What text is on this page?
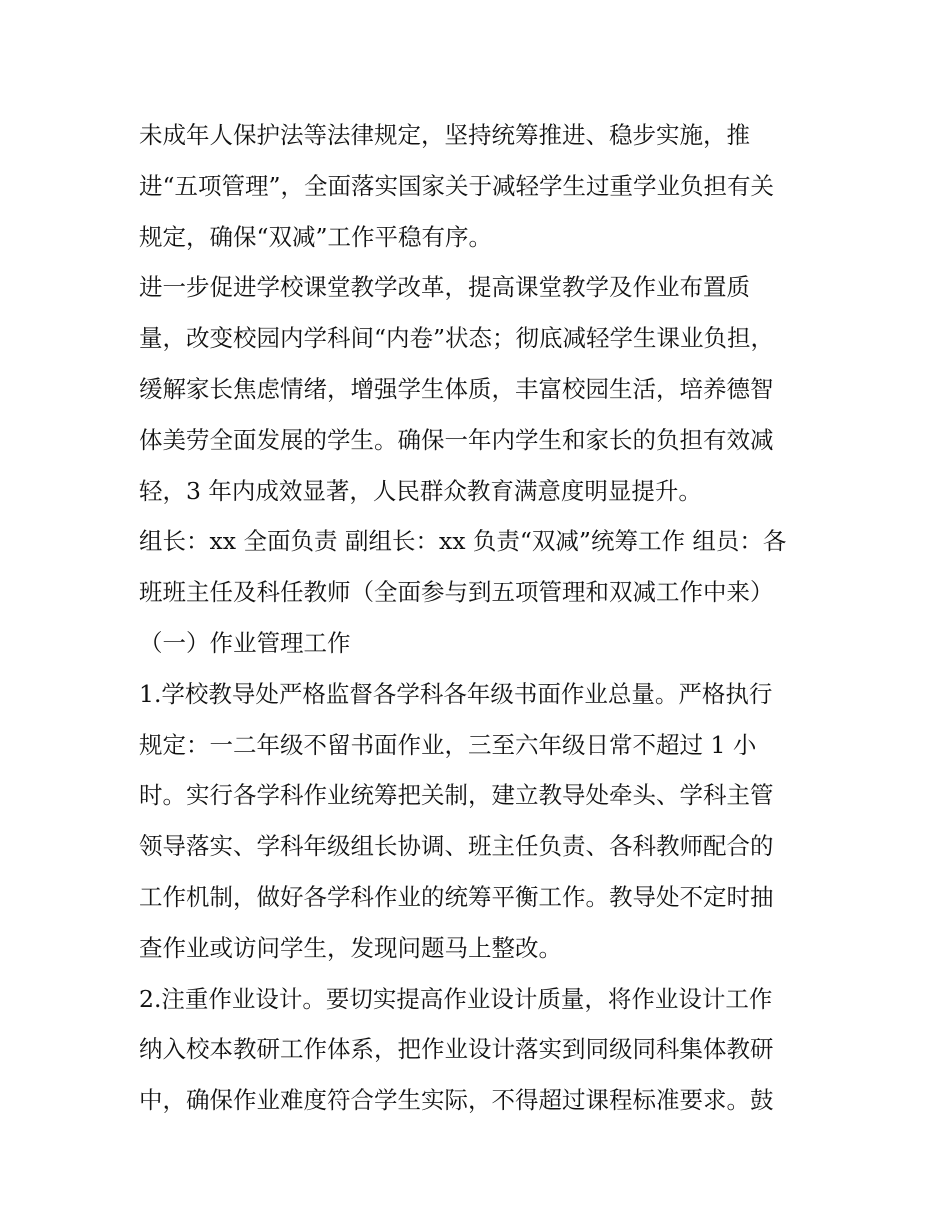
未成年人保护法等法律规定，坚持统筹推进、稳步实施，推

进“五项管理”，全面落实国家关于减轻学生过重学业负担有关

规定，确保“双减”工作平稳有序。

进一步促进学校课堂教学改革，提高课堂教学及作业布置质

量，改变校园内学科间“内卷”状态；彻底减轻学生课业负担，

缓解家长焦虑情绪，增强学生体质，丰富校园生活，培养德智

体美劳全面发展的学生。确保一年内学生和家长的负担有效减

轻，3 年内成效显著，人民群众教育满意度明显提升。

组长：xx 全面负责 副组长：xx 负责“双减”统筹工作 组员：各

班班主任及科任教师（全面参与到五项管理和双减工作中来）

（一）作业管理工作

1.学校教导处严格监督各学科各年级书面作业总量。严格执行

规定：一二年级不留书面作业，三至六年级日常不超过 1 小

时。实行各学科作业统筹把关制，建立教导处牵头、学科主管

领导落实、学科年级组长协调、班主任负责、各科教师配合的

工作机制，做好各学科作业的统筹平衡工作。教导处不定时抽

查作业或访问学生，发现问题马上整改。

2.注重作业设计。要切实提高作业设计质量，将作业设计工作

纳入校本教研工作体系，把作业设计落实到同级同科集体教研

中，确保作业难度符合学生实际，不得超过课程标准要求。鼓
